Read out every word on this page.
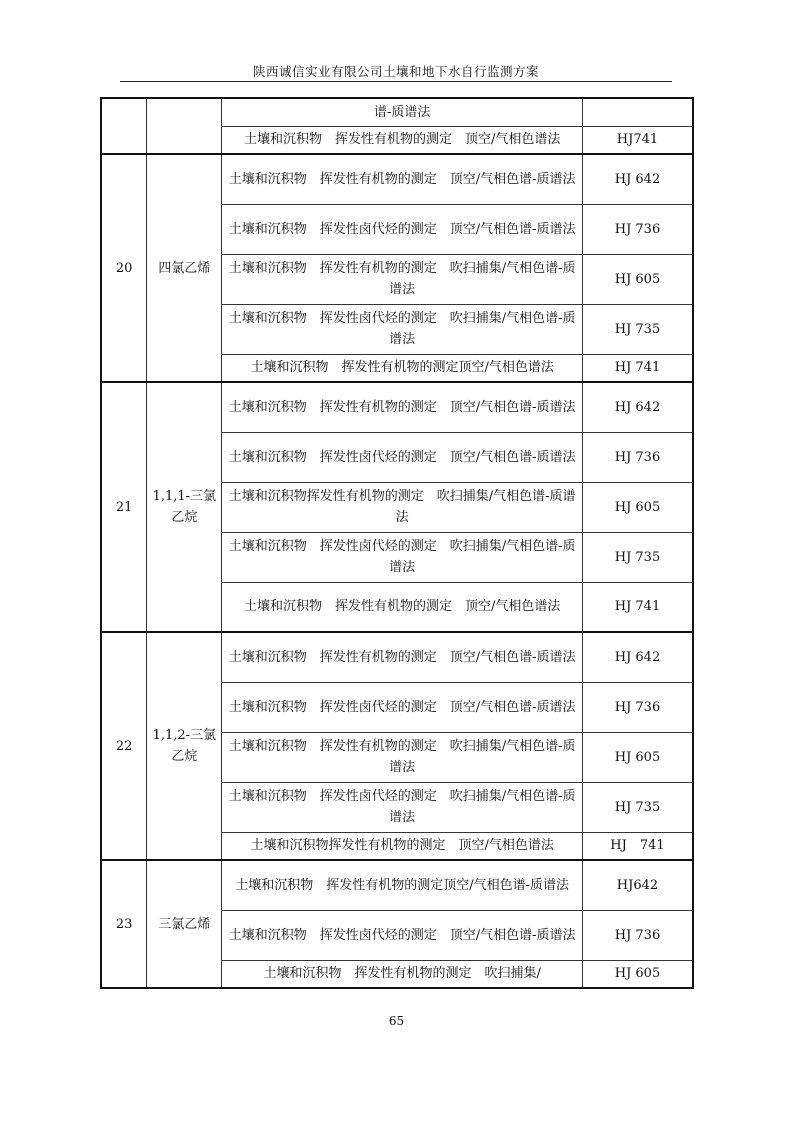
陕西诚信实业有限公司土壤和地下水自行监测方案
		谱-质谱法	
		土壤和沉积物　挥发性有机物的测定　顶空/气相色谱法	HJ741
20	四氯乙烯	土壤和沉积物　挥发性有机物的测定　顶空/气相色谱-质谱法	HJ 642
		土壤和沉积物　挥发性卤代烃的测定　顶空/气相色谱-质谱法	HJ 736
		土壤和沉积物　挥发性有机物的测定　吹扫捕集/气相色谱-质谱法	HJ 605
		土壤和沉积物　挥发性卤代烃的测定　吹扫捕集/气相色谱-质谱法	HJ 735
		土壤和沉积物　挥发性有机物的测定顶空/气相色谱法	HJ 741
21	1,1,1-三氯乙烷	土壤和沉积物　挥发性有机物的测定　顶空/气相色谱-质谱法	HJ 642
		土壤和沉积物　挥发性卤代烃的测定　顶空/气相色谱-质谱法	HJ 736
		土壤和沉积物挥发性有机物的测定　吹扫捕集/气相色谱-质谱法	HJ 605
		土壤和沉积物　挥发性卤代烃的测定　吹扫捕集/气相色谱-质谱法	HJ 735
		土壤和沉积物　挥发性有机物的测定　顶空/气相色谱法	HJ 741
22	1,1,2-三氯乙烷	土壤和沉积物　挥发性有机物的测定　顶空/气相色谱-质谱法	HJ 642
		土壤和沉积物　挥发性卤代烃的测定　顶空/气相色谱-质谱法	HJ 736
		土壤和沉积物　挥发性有机物的测定　吹扫捕集/气相色谱-质谱法	HJ 605
		土壤和沉积物　挥发性卤代烃的测定　吹扫捕集/气相色谱-质谱法	HJ 735
		土壤和沉积物挥发性有机物的测定　顶空/气相色谱法	HJ　741
23	三氯乙烯	土壤和沉积物　挥发性有机物的测定顶空/气相色谱-质谱法	HJ642
		土壤和沉积物　挥发性卤代烃的测定　顶空/气相色谱-质谱法	HJ 736
		土壤和沉积物　挥发性有机物的测定　吹扫捕集/	HJ 605
65
